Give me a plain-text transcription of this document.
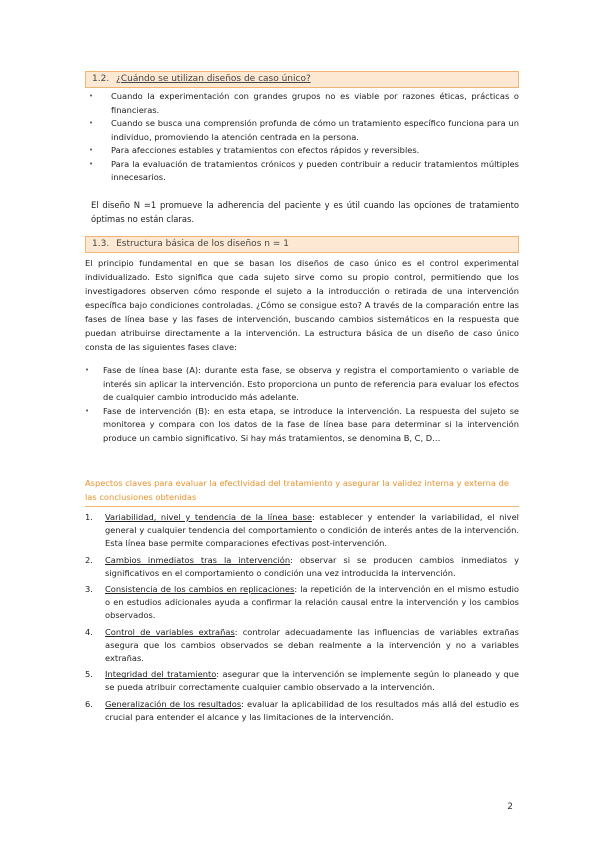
1.2. ¿Cuándo se utilizan diseños de caso único?
• Cuando la experimentación con grandes grupos no es viable por razones éticas, prácticas o financieras.
• Cuando se busca una comprensión profunda de cómo un tratamiento específico funciona para un individuo, promoviendo la atención centrada en la persona.
• Para afecciones estables y tratamientos con efectos rápidos y reversibles.
• Para la evaluación de tratamientos crónicos y pueden contribuir a reducir tratamientos múltiples innecesarios.
El diseño N =1 promueve la adherencia del paciente y es útil cuando las opciones de tratamiento óptimas no están claras.
1.3. Estructura básica de los diseños n = 1
El principio fundamental en que se basan los diseños de caso único es el control experimental individualizado. Esto significa que cada sujeto sirve como su propio control, permitiendo que los investigadores observen cómo responde el sujeto a la introducción o retirada de una intervención específica bajo condiciones controladas. ¿Cómo se consigue esto? A través de la comparación entre las fases de línea base y las fases de intervención, buscando cambios sistemáticos en la respuesta que puedan atribuirse directamente a la intervención. La estructura básica de un diseño de caso único consta de las siguientes fases clave:
• Fase de línea base (A): durante esta fase, se observa y registra el comportamiento o variable de interés sin aplicar la intervención. Esto proporciona un punto de referencia para evaluar los efectos de cualquier cambio introducido más adelante.
• Fase de intervención (B): en esta etapa, se introduce la intervención. La respuesta del sujeto se monitorea y compara con los datos de la fase de línea base para determinar si la intervención produce un cambio significativo. Si hay más tratamientos, se denomina B, C, D…
Aspectos claves para evaluar la efectividad del tratamiento y asegurar la validez interna y externa de las conclusiones obtenidas
1. Variabilidad, nivel y tendencia de la línea base: establecer y entender la variabilidad, el nivel general y cualquier tendencia del comportamiento o condición de interés antes de la intervención. Esta línea base permite comparaciones efectivas post-intervención.
2. Cambios inmediatos tras la intervención: observar si se producen cambios inmediatos y significativos en el comportamiento o condición una vez introducida la intervención.
3. Consistencia de los cambios en replicaciones: la repetición de la intervención en el mismo estudio o en estudios adicionales ayuda a confirmar la relación causal entre la intervención y los cambios observados.
4. Control de variables extrañas: controlar adecuadamente las influencias de variables extrañas asegura que los cambios observados se deban realmente a la intervención y no a variables extrañas.
5. Integridad del tratamiento: asegurar que la intervención se implemente según lo planeado y que se pueda atribuir correctamente cualquier cambio observado a la intervención.
6. Generalización de los resultados: evaluar la aplicabilidad de los resultados más allá del estudio es crucial para entender el alcance y las limitaciones de la intervención.
2
